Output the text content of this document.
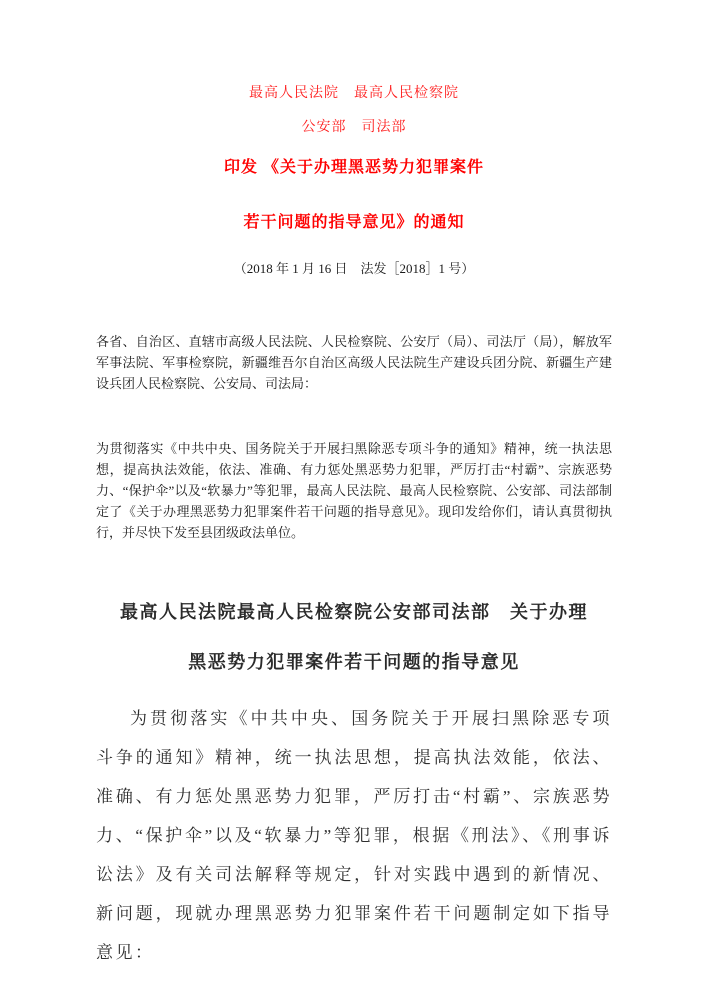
最高人民法院　最高人民检察院
公安部　司法部
印发 《关于办理黑恶势力犯罪案件
若干问题的指导意见》的通知
（2018 年 1 月 16 日　法发［2018］1 号）

各省、自治区、直辖市高级人民法院、人民检察院、公安厅（局）、司法厅（局），解放军军事法院、军事检察院，新疆维吾尔自治区高级人民法院生产建设兵团分院、新疆生产建设兵团人民检察院、公安局、司法局：

为贯彻落实《中共中央、国务院关于开展扫黑除恶专项斗争的通知》精神，统一执法思想，提高执法效能，依法、准确、有力惩处黑恶势力犯罪，严厉打击“村霸”、宗族恶势力、“保护伞”以及“软暴力”等犯罪，最高人民法院、最高人民检察院、公安部、司法部制定了《关于办理黑恶势力犯罪案件若干问题的指导意见》。现印发给你们，请认真贯彻执行，并尽快下发至县团级政法单位。

最高人民法院最高人民检察院公安部司法部　关于办理
黑恶势力犯罪案件若干问题的指导意见

为贯彻落实《中共中央、国务院关于开展扫黑除恶专项斗争的通知》精神，统一执法思想，提高执法效能，依法、准确、有力惩处黑恶势力犯罪，严厉打击“村霸”、宗族恶势力、“保护伞”以及“软暴力”等犯罪，根据《刑法》、《刑事诉讼法》及有关司法解释等规定，针对实践中遇到的新情况、新问题，现就办理黑恶势力犯罪案件若干问题制定如下指导意见：
